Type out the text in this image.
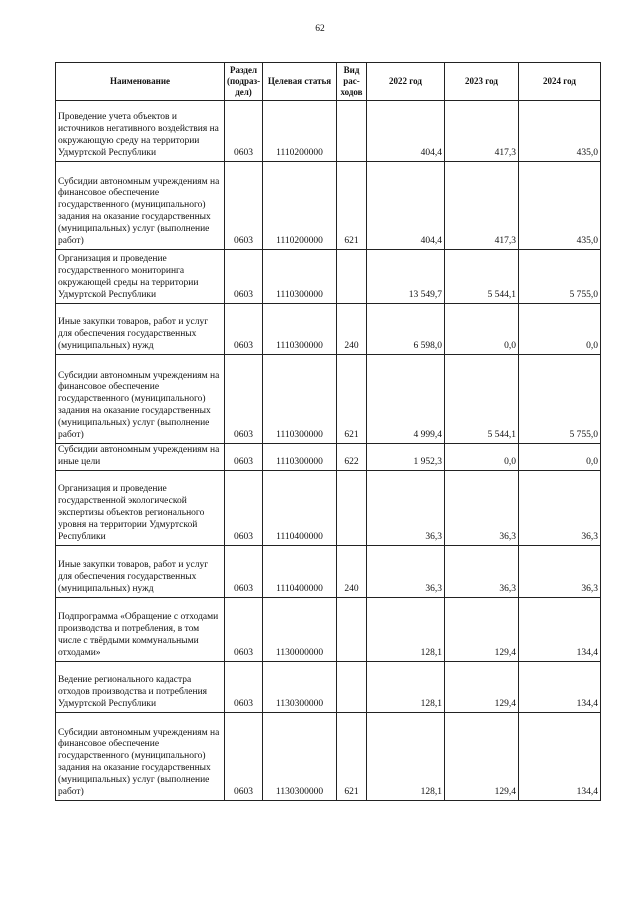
62
Наименование	Раздел (подраз-дел)	Целевая статья	Вид рас-ходов	2022 год	2023 год	2024 год
Проведение учета объектов и источников негативного воздействия на окружающую среду на территории Удмуртской Республики	0603	1110200000		404,4	417,3	435,0
Субсидии автономным учреждениям на финансовое обеспечение государственного (муниципального) задания на оказание государственных (муниципальных) услуг (выполнение работ)	0603	1110200000	621	404,4	417,3	435,0
Организация и проведение государственного мониторинга окружающей среды на территории Удмуртской Республики	0603	1110300000		13 549,7	5 544,1	5 755,0
Иные закупки товаров, работ и услуг для обеспечения государственных (муниципальных) нужд	0603	1110300000	240	6 598,0	0,0	0,0
Субсидии автономным учреждениям на финансовое обеспечение государственного (муниципального) задания на оказание государственных (муниципальных) услуг (выполнение работ)	0603	1110300000	621	4 999,4	5 544,1	5 755,0
Субсидии автономным учреждениям на иные цели	0603	1110300000	622	1 952,3	0,0	0,0
Организация и проведение государственной экологической экспертизы объектов регионального уровня на территории Удмуртской Республики	0603	1110400000		36,3	36,3	36,3
Иные закупки товаров, работ и услуг для обеспечения государственных (муниципальных) нужд	0603	1110400000	240	36,3	36,3	36,3
Подпрограмма «Обращение с отходами производства и потребления, в том числе с твёрдыми коммунальными отходами»	0603	1130000000		128,1	129,4	134,4
Ведение регионального кадастра отходов производства и потребления Удмуртской Республики	0603	1130300000		128,1	129,4	134,4
Субсидии автономным учреждениям на финансовое обеспечение государственного (муниципального) задания на оказание государственных (муниципальных) услуг (выполнение работ)	0603	1130300000	621	128,1	129,4	134,4
